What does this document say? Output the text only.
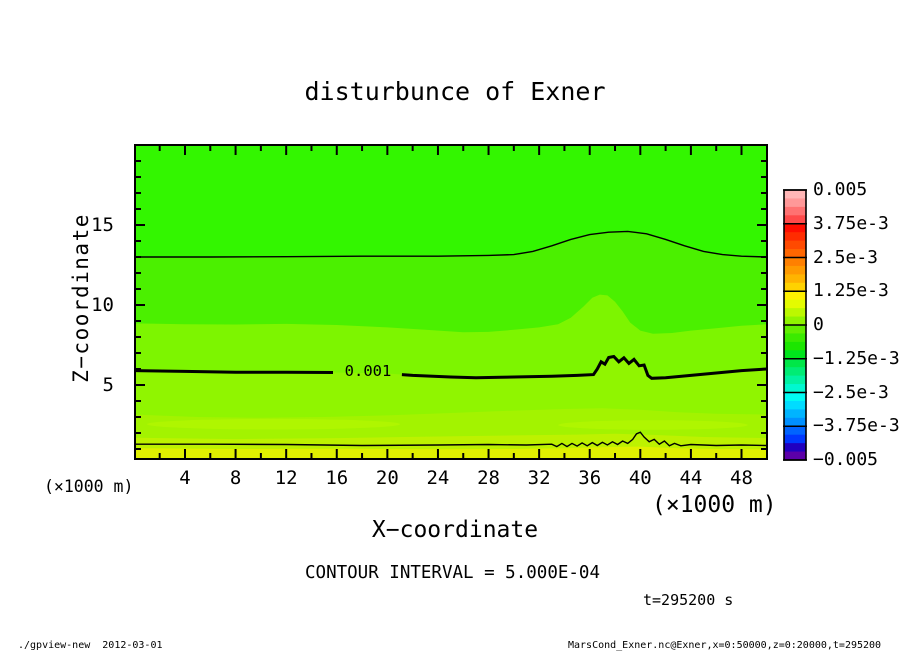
disturbunce of Exner
Z−coordinate
5
10
15
4 8 12 16 20 24 28 32 36 40 44 48
(×1000 m)
(×1000 m)
X−coordinate
0.001
0.005
3.75e-3
2.5e-3
1.25e-3
0
−1.25e-3
−2.5e-3
−3.75e-3
−0.005
CONTOUR INTERVAL = 5.000E-04
t=295200 s
./gpview-new  2012-03-01	MarsCond_Exner.nc@Exner,x=0:50000,z=0:20000,t=295200
